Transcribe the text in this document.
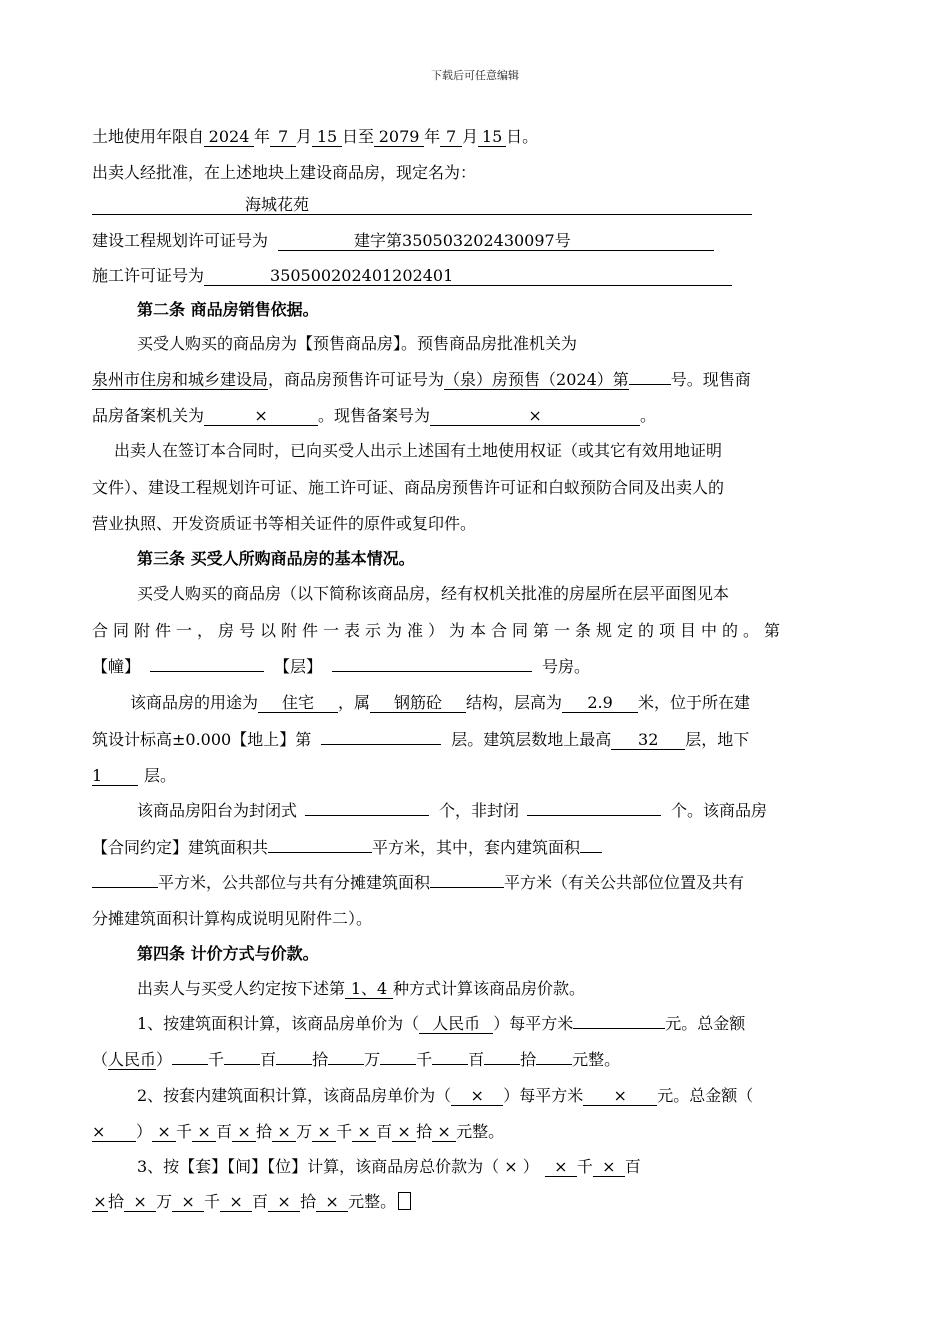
下载后可任意编辑
土地使用年限自 2024 年 7 月 15 日至 2079 年 7 月 15 日。
出卖人经批准，在上述地块上建设商品房，现定名为：
海城花苑
建设工程规划许可证号为	建字第350503202430097号
施工许可证号为	350500202401202401
第二条 商品房销售依据。
买受人购买的商品房为【预售商品房】。预售商品房批准机关为
泉州市住房和城乡建设局，商品房预售许可证号为（泉）房预售（2024）第	号。现售商
品房备案机关为	×	。现售备案号为	×	。
出卖人在签订本合同时，已向买受人出示上述国有土地使用权证（或其它有效用地证明
文件）、建设工程规划许可证、施工许可证、商品房预售许可证和白蚁预防合同及出卖人的
营业执照、开发资质证书等相关证件的原件或复印件。
第三条 买受人所购商品房的基本情况。
买受人购买的商品房（以下简称该商品房，经有权机关批准的房屋所在层平面图见本
合同附件一，房号以附件一表示为准）为本合同第一条规定的项目中的。第
【幢】	【层】	号房。
该商品房的用途为 住宅 ，属 钢筋砼 结构，层高为 2.9 米，位于所在建
筑设计标高±0.000【地上】第	层。建筑层数地上最高 32 层，地下
1	层。
该商品房阳台为封闭式	个，非封闭	个。该商品房
【合同约定】建筑面积共	平方米，其中，套内建筑面积
平方米，公共部位与共有分摊建筑面积	平方米（有关公共部位位置及共有
分摊建筑面积计算构成说明见附件二）。
第四条 计价方式与价款。
出卖人与买受人约定按下述第 1、4 种方式计算该商品房价款。
1、按建筑面积计算，该商品房单价为（ 人民币 ）每平方米	元。总金额
（人民币） 千 百 拾 万 千 百 拾 元整。
2、按套内建筑面积计算，该商品房单价为（ × ）每平方米 × 元。总金额（
× ） × 千 × 百 × 拾 × 万 × 千 × 百 × 拾 × 元整。
3、按【套】【间】【位】计算，该商品房总价款为（ × ） × 千 × 百
×拾 × 万 × 千 × 百 × 拾 × 元整。
